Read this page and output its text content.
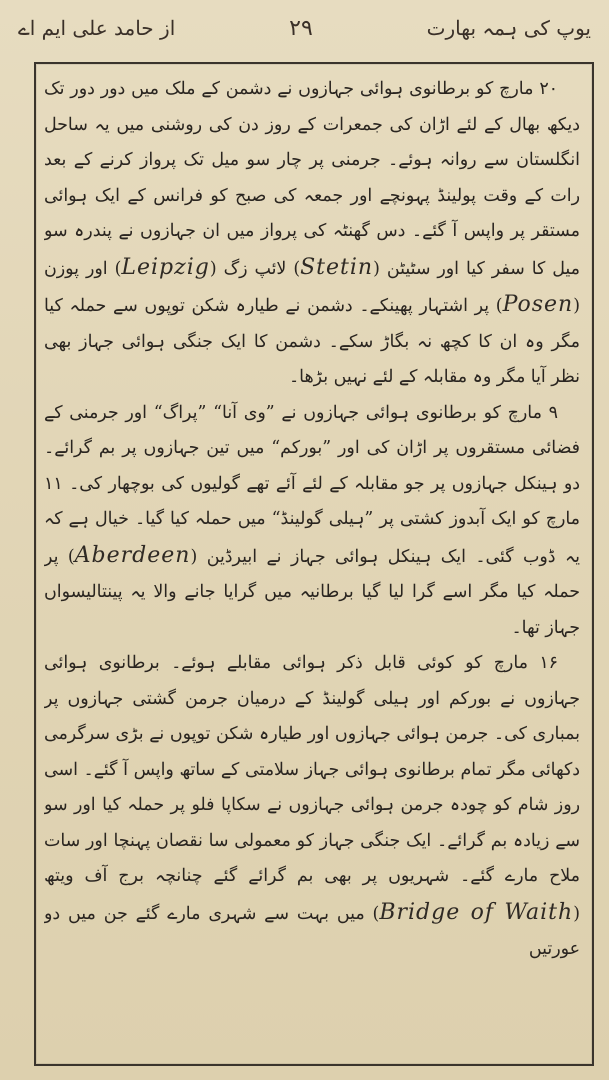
از حامد علی ایم اے	۲۹	یوپ کی ہمہ بھارت

۲۰ مارچ کو برطانوی ہوائی جہازوں نے دشمن کے ملک میں دور دور تک دیکھ بھال کے لئے اڑان کی جمعرات کے روز دن کی روشنی میں یہ ساحل انگلستان سے روانہ ہوئے۔ جرمنی پر چار سو میل تک پرواز کرنے کے بعد رات کے وقت پولینڈ پہونچے اور جمعہ کی صبح کو فرانس کے ایک ہوائی مستقر پر واپس آ گئے۔ دس گھنٹہ کی پرواز میں ان جہازوں نے پندرہ سو میل کا سفر کیا اور سٹیٹن (Stetin) لائپ زگ (Leipzig) اور پوزن (Posen) پر اشتہار پھینکے۔ دشمن نے طیارہ شکن توپوں سے حملہ کیا مگر وہ ان کا کچھ نہ بگاڑ سکے۔ دشمن کا ایک جنگی ہوائی جہاز بھی نظر آیا مگر وہ مقابلہ کے لئے نہیں بڑھا۔

۹ مارچ کو برطانوی ہوائی جہازوں نے ”وی آنا“ ”پراگ“ اور جرمنی کے فضائی مستقروں پر اڑان کی اور ”بورکم“ میں تین جہازوں پر بم گرائے۔ دو ہینکل جہازوں پر جو مقابلہ کے لئے آئے تھے گولیوں کی بوچھار کی۔ ۱۱ مارچ کو ایک آبدوز کشتی پر ”ہیلی گولینڈ“ میں حملہ کیا گیا۔ خیال ہے کہ یہ ڈوب گئی۔ ایک ہینکل ہوائی جہاز نے ابیرڈین (Aberdeen) پر حملہ کیا مگر اسے گرا لیا گیا برطانیہ میں گرایا جانے والا یہ پینتالیسواں جہاز تھا۔

۱۶ مارچ کو کوئی قابل ذکر ہوائی مقابلے ہوئے۔ برطانوی ہوائی جہازوں نے بورکم اور ہیلی گولینڈ کے درمیان جرمن گشتی جہازوں پر بمباری کی۔ جرمن ہوائی جہازوں اور طیارہ شکن توپوں نے بڑی سرگرمی دکھائی مگر تمام برطانوی ہوائی جہاز سلامتی کے ساتھ واپس آ گئے۔ اسی روز شام کو چودہ جرمن ہوائی جہازوں نے سکاپا فلو پر حملہ کیا اور سو سے زیادہ بم گرائے۔ ایک جنگی جہاز کو معمولی سا نقصان پہنچا اور سات ملاح مارے گئے۔ شہریوں پر بھی بم گرائے گئے چنانچہ برج آف ویتھ (Bridge of Waith) میں بہت سے شہری مارے گئے جن میں دو عورتیں
